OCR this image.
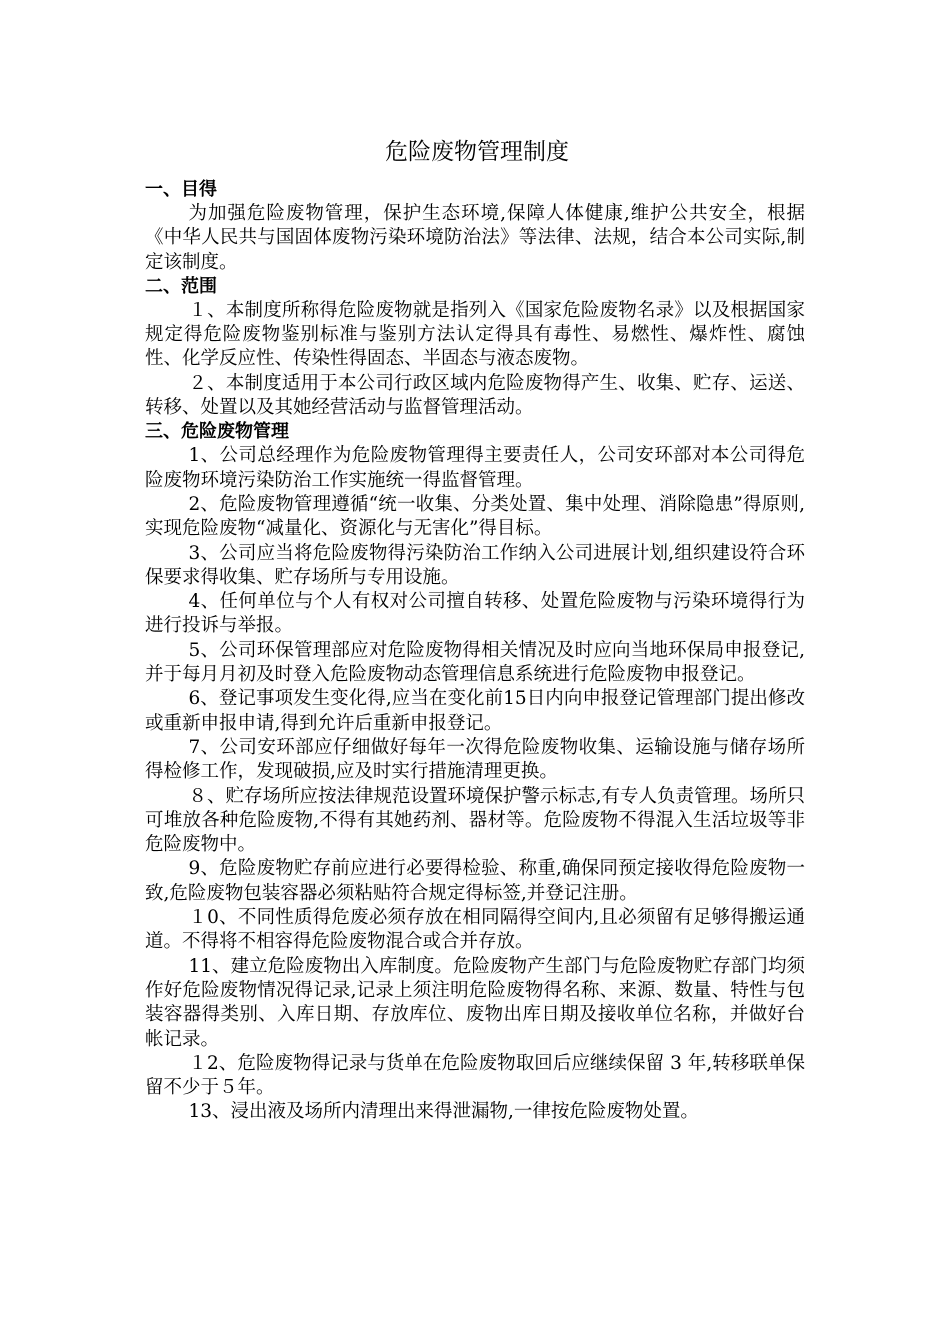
危险废物管理制度
一、目得

为加强危险废物管理，保护生态环境,保障人体健康,维护公共安全，根据《中华人民共与国固体废物污染环境防治法》等法律、法规，结合本公司实际,制定该制度。

二、范围

１、本制度所称得危险废物就是指列入《国家危险废物名录》以及根据国家规定得危险废物鉴别标准与鉴别方法认定得具有毒性、易燃性、爆炸性、腐蚀性、化学反应性、传染性得固态、半固态与液态废物。

２、本制度适用于本公司行政区域内危险废物得产生、收集、贮存、运送、转移、处置以及其她经营活动与监督管理活动。

三、危险废物管理

1、公司总经理作为危险废物管理得主要责任人，公司安环部对本公司得危险废物环境污染防治工作实施统一得监督管理。

2、危险废物管理遵循“统一收集、分类处置、集中处理、消除隐患”得原则,实现危险废物“减量化、资源化与无害化”得目标。

3、公司应当将危险废物得污染防治工作纳入公司进展计划,组织建设符合环保要求得收集、贮存场所与专用设施。

4、任何单位与个人有权对公司擅自转移、处置危险废物与污染环境得行为进行投诉与举报。

5、公司环保管理部应对危险废物得相关情况及时应向当地环保局申报登记,并于每月月初及时登入危险废物动态管理信息系统进行危险废物申报登记。

6、登记事项发生变化得,应当在变化前15日内向申报登记管理部门提出修改或重新申报申请,得到允许后重新申报登记。

7、公司安环部应仔细做好每年一次得危险废物收集、运输设施与储存场所得检修工作，发现破损,应及时实行措施清理更换。

８、贮存场所应按法律规范设置环境保护警示标志,有专人负责管理。场所只可堆放各种危险废物,不得有其她药剂、器材等。危险废物不得混入生活垃圾等非危险废物中。

9、危险废物贮存前应进行必要得检验、称重,确保同预定接收得危险废物一致,危险废物包装容器必须粘贴符合规定得标签,并登记注册。

１0、不同性质得危废必须存放在相同隔得空间内,且必须留有足够得搬运通道。不得将不相容得危险废物混合或合并存放。

11、建立危险废物出入库制度。危险废物产生部门与危险废物贮存部门均须作好危险废物情况得记录,记录上须注明危险废物得名称、来源、数量、特性与包装容器得类别、入库日期、存放库位、废物出库日期及接收单位名称，并做好台帐记录。

１2、危险废物得记录与货单在危险废物取回后应继续保留 3 年,转移联单保留不少于５年。

13、浸出液及场所内清理出来得泄漏物,一律按危险废物处置。
